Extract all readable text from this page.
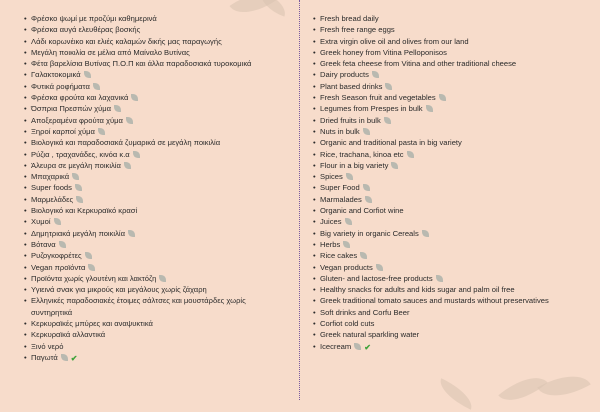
• Φρέσκο ψωμί με προζύμι καθημερινά
• Φρέσκα αυγά ελευθέρας βοσκής
• Λάδι κορωνέικο και ελιές καλαμών δικής μας παραγωγής
• Μεγάλη ποικιλία σε μέλια από Μαίναλο Βυτίνας
• Φέτα βαρελίσια Βυτίνας Π.Ο.Π και άλλα παραδοσιακά τυροκομικά
• Γαλακτοκομικά
• Φυτικά ροφήματα
• Φρέσκα φρούτα και λαχανικά
• Όσπρια Πρεσπών χύμα
• Αποξεραμένα φρούτα χύμα
• Ξηροί καρποί χύμα
• Βιολογικά και παραδοσιακά ζυμαρικά σε μεγάλη ποικιλία
• Ρύζια , τραχανάδες, κινόα κ.α
• Άλευρα σε μεγάλη ποικιλία
• Μπαχαρικά
• Super foods
• Μαρμελάδες
• Βιολογικό και Κερκυραϊκό κρασί
• Χυμοί
• Δημητριακά μεγάλη ποικιλία
• Βότανα
• Ρυζογκοφρέτες
• Vegan προϊόντα
• Προϊόντα χωρίς γλουτένη και λακτόζη
• Υγιεινά σνακ για μικρούς και μεγάλους χωρίς ζάχαρη
• Ελληνικές παραδοσιακές έτοιμες σάλτσες και μουστάρδες χωρίς συντηρητικά
• Κερκυραϊκές μπύρες και αναψυκτικά
• Κερκυραϊκά αλλαντικά
• Ξινό νερό
• Παγωτά ✔
• Fresh bread daily
• Fresh free range eggs
• Extra virgin olive oil and olives from our land
• Greek honey from Vitina Pelloponisos
• Greek feta cheese from Vitina and other traditional cheese
• Dairy products
• Plant based drinks
• Fresh Season fruit and vegetables
• Legumes from Prespes in bulk
• Dried fruits in bulk
• Nuts in bulk
• Organic and traditional pasta in big variety
• Rice, trachana, kinoa etc
• Flour in a big variety
• Spices
• Super Food
• Marmalades
• Organic and Corfiot wine
• Juices
• Big variety in organic Cereals
• Herbs
• Rice cakes
• Vegan products
• Gluten- and lactose-free products
• Healthy snacks for adults and kids sugar and palm oil free
• Greek traditional tomato sauces and mustards without preservatives
• Soft drinks and Corfu Beer
• Corfiot cold cuts
• Greek natural sparkling water
• Icecream ✔
